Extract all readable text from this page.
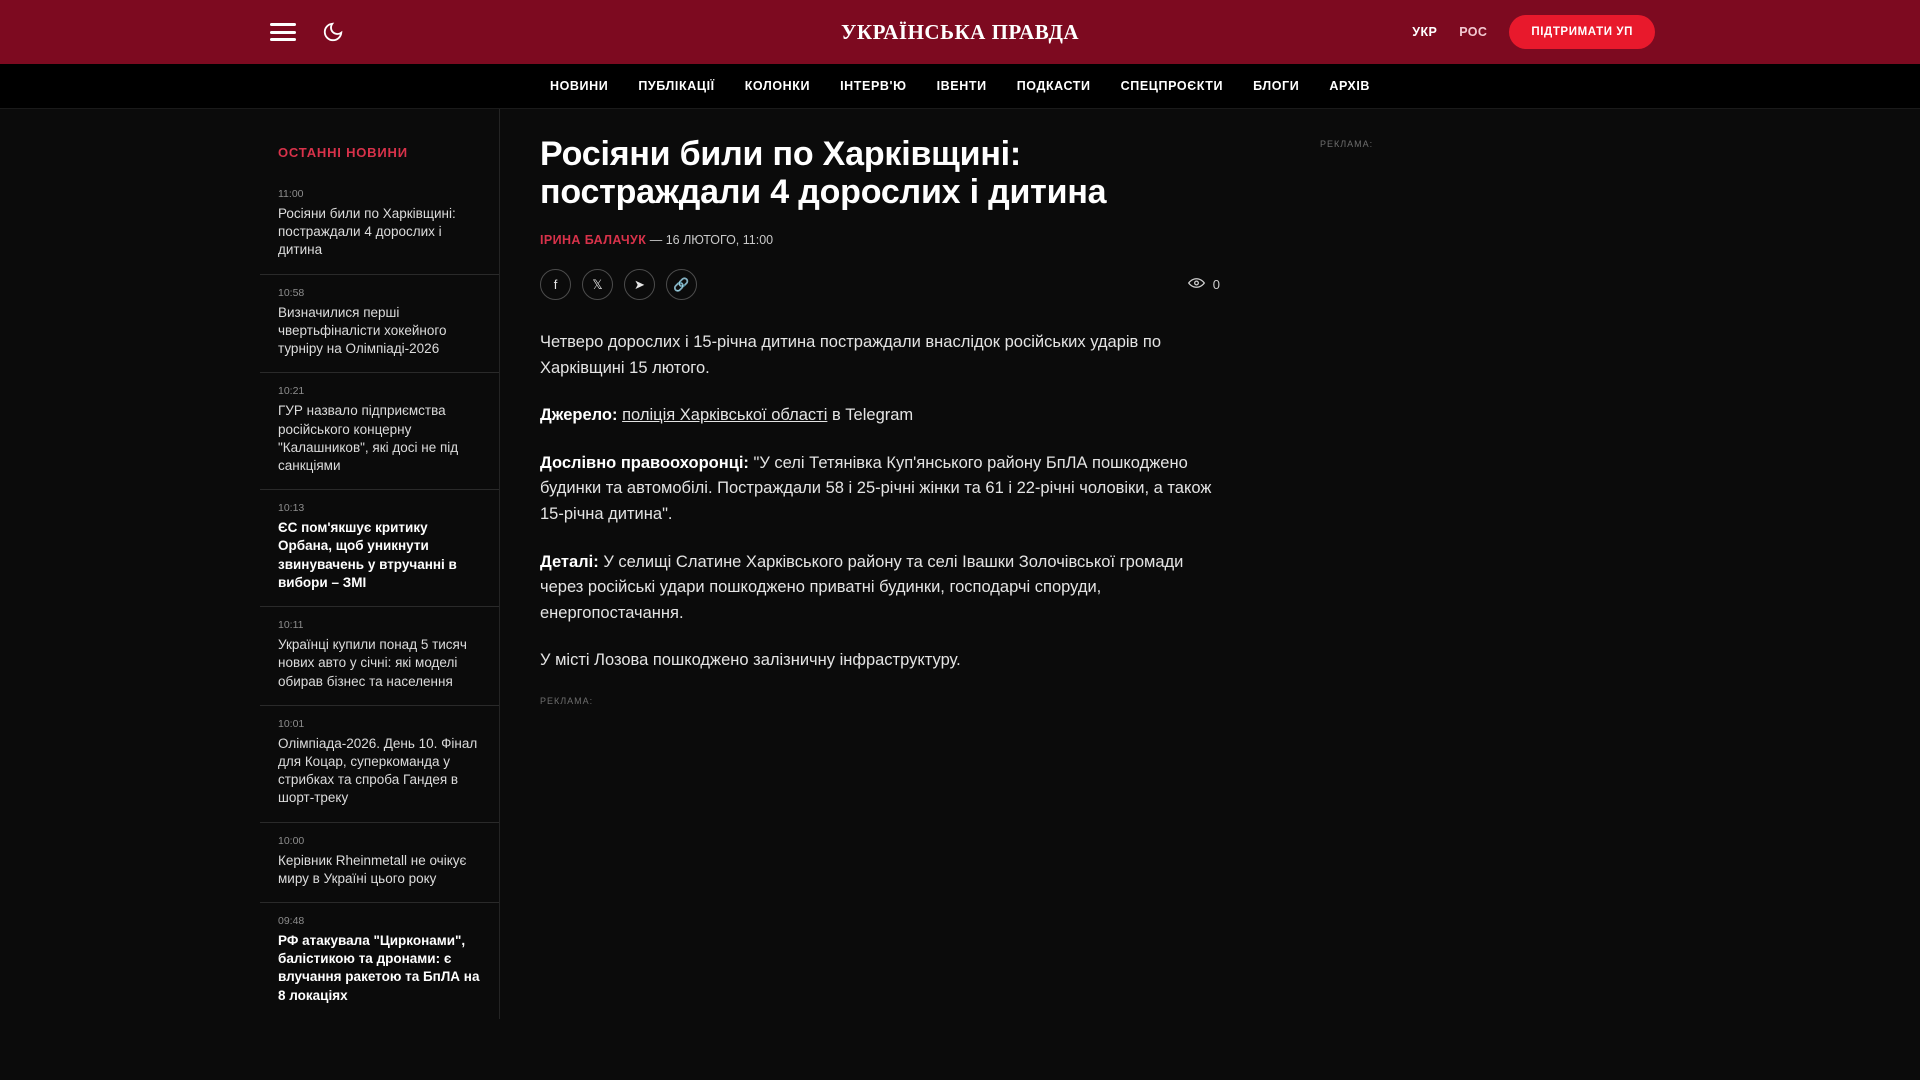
УКРАЇНСЬКА ПРАВДА	УКР РОС	ПІДТРИМАТИ УП
НОВИНИ ПУБЛІКАЦІЇ КОЛОНКИ ІНТЕРВ'Ю ІВЕНТИ ПОДКАСТИ СПЕЦПРОЄКТИ БЛОГИ АРХІВ
ОСТАННІ НОВИНИ
11:00
Росіяни били по Харківщині: постраждали 4 дорослих і дитина
10:58
Визначилися перші чвертьфіналісти хокейного турніру на Олімпіаді-2026
10:21
ГУР назвало підприємства російського концерну "Калашников", які досі не під санкціями
10:13
ЄС пом'якшує критику Орбана, щоб уникнути звинувачень у втручанні в вибори – ЗМІ
10:11
Українці купили понад 5 тисяч нових авто у січні: які моделі обирав бізнес та населення
10:01
Олімпіада-2026. День 10. Фінал для Коцар, суперкоманда у стрибках та спроба Гандея в шорт-треку
10:00
Керівник Rheinmetall не очікує миру в Україні цього року
09:48
РФ атакувала "Цирконами", балістикою та дронами: є влучання ракетою та БпЛА на 8 локаціях
Росіяни били по Харківщині: постраждали 4 дорослих і дитина
ІРИНА БАЛАЧУК — 16 ЛЮТОГО, 11:00
f	𝕏	➤	🔗	0

Четверо дорослих і 15-річна дитина постраждали внаслідок російських ударів по Харківщині 15 лютого.

Джерело: поліція Харківської області в Telegram

Дослівно правоохоронці: "У селі Тетянівка Куп'янського району БпЛА пошкоджено будинки та автомобілі. Постраждали 58 і 25-річні жінки та 61 і 22-річні чоловіки, а також 15-річна дитина".

Деталі: У селищі Слатине Харківського району та селі Івашки Золочівської громади через російські удари пошкоджено приватні будинки, господарчі споруди, енергопостачання.

У місті Лозова пошкоджено залізничну інфраструктуру.

РЕКЛАМА:
РЕКЛАМА:
